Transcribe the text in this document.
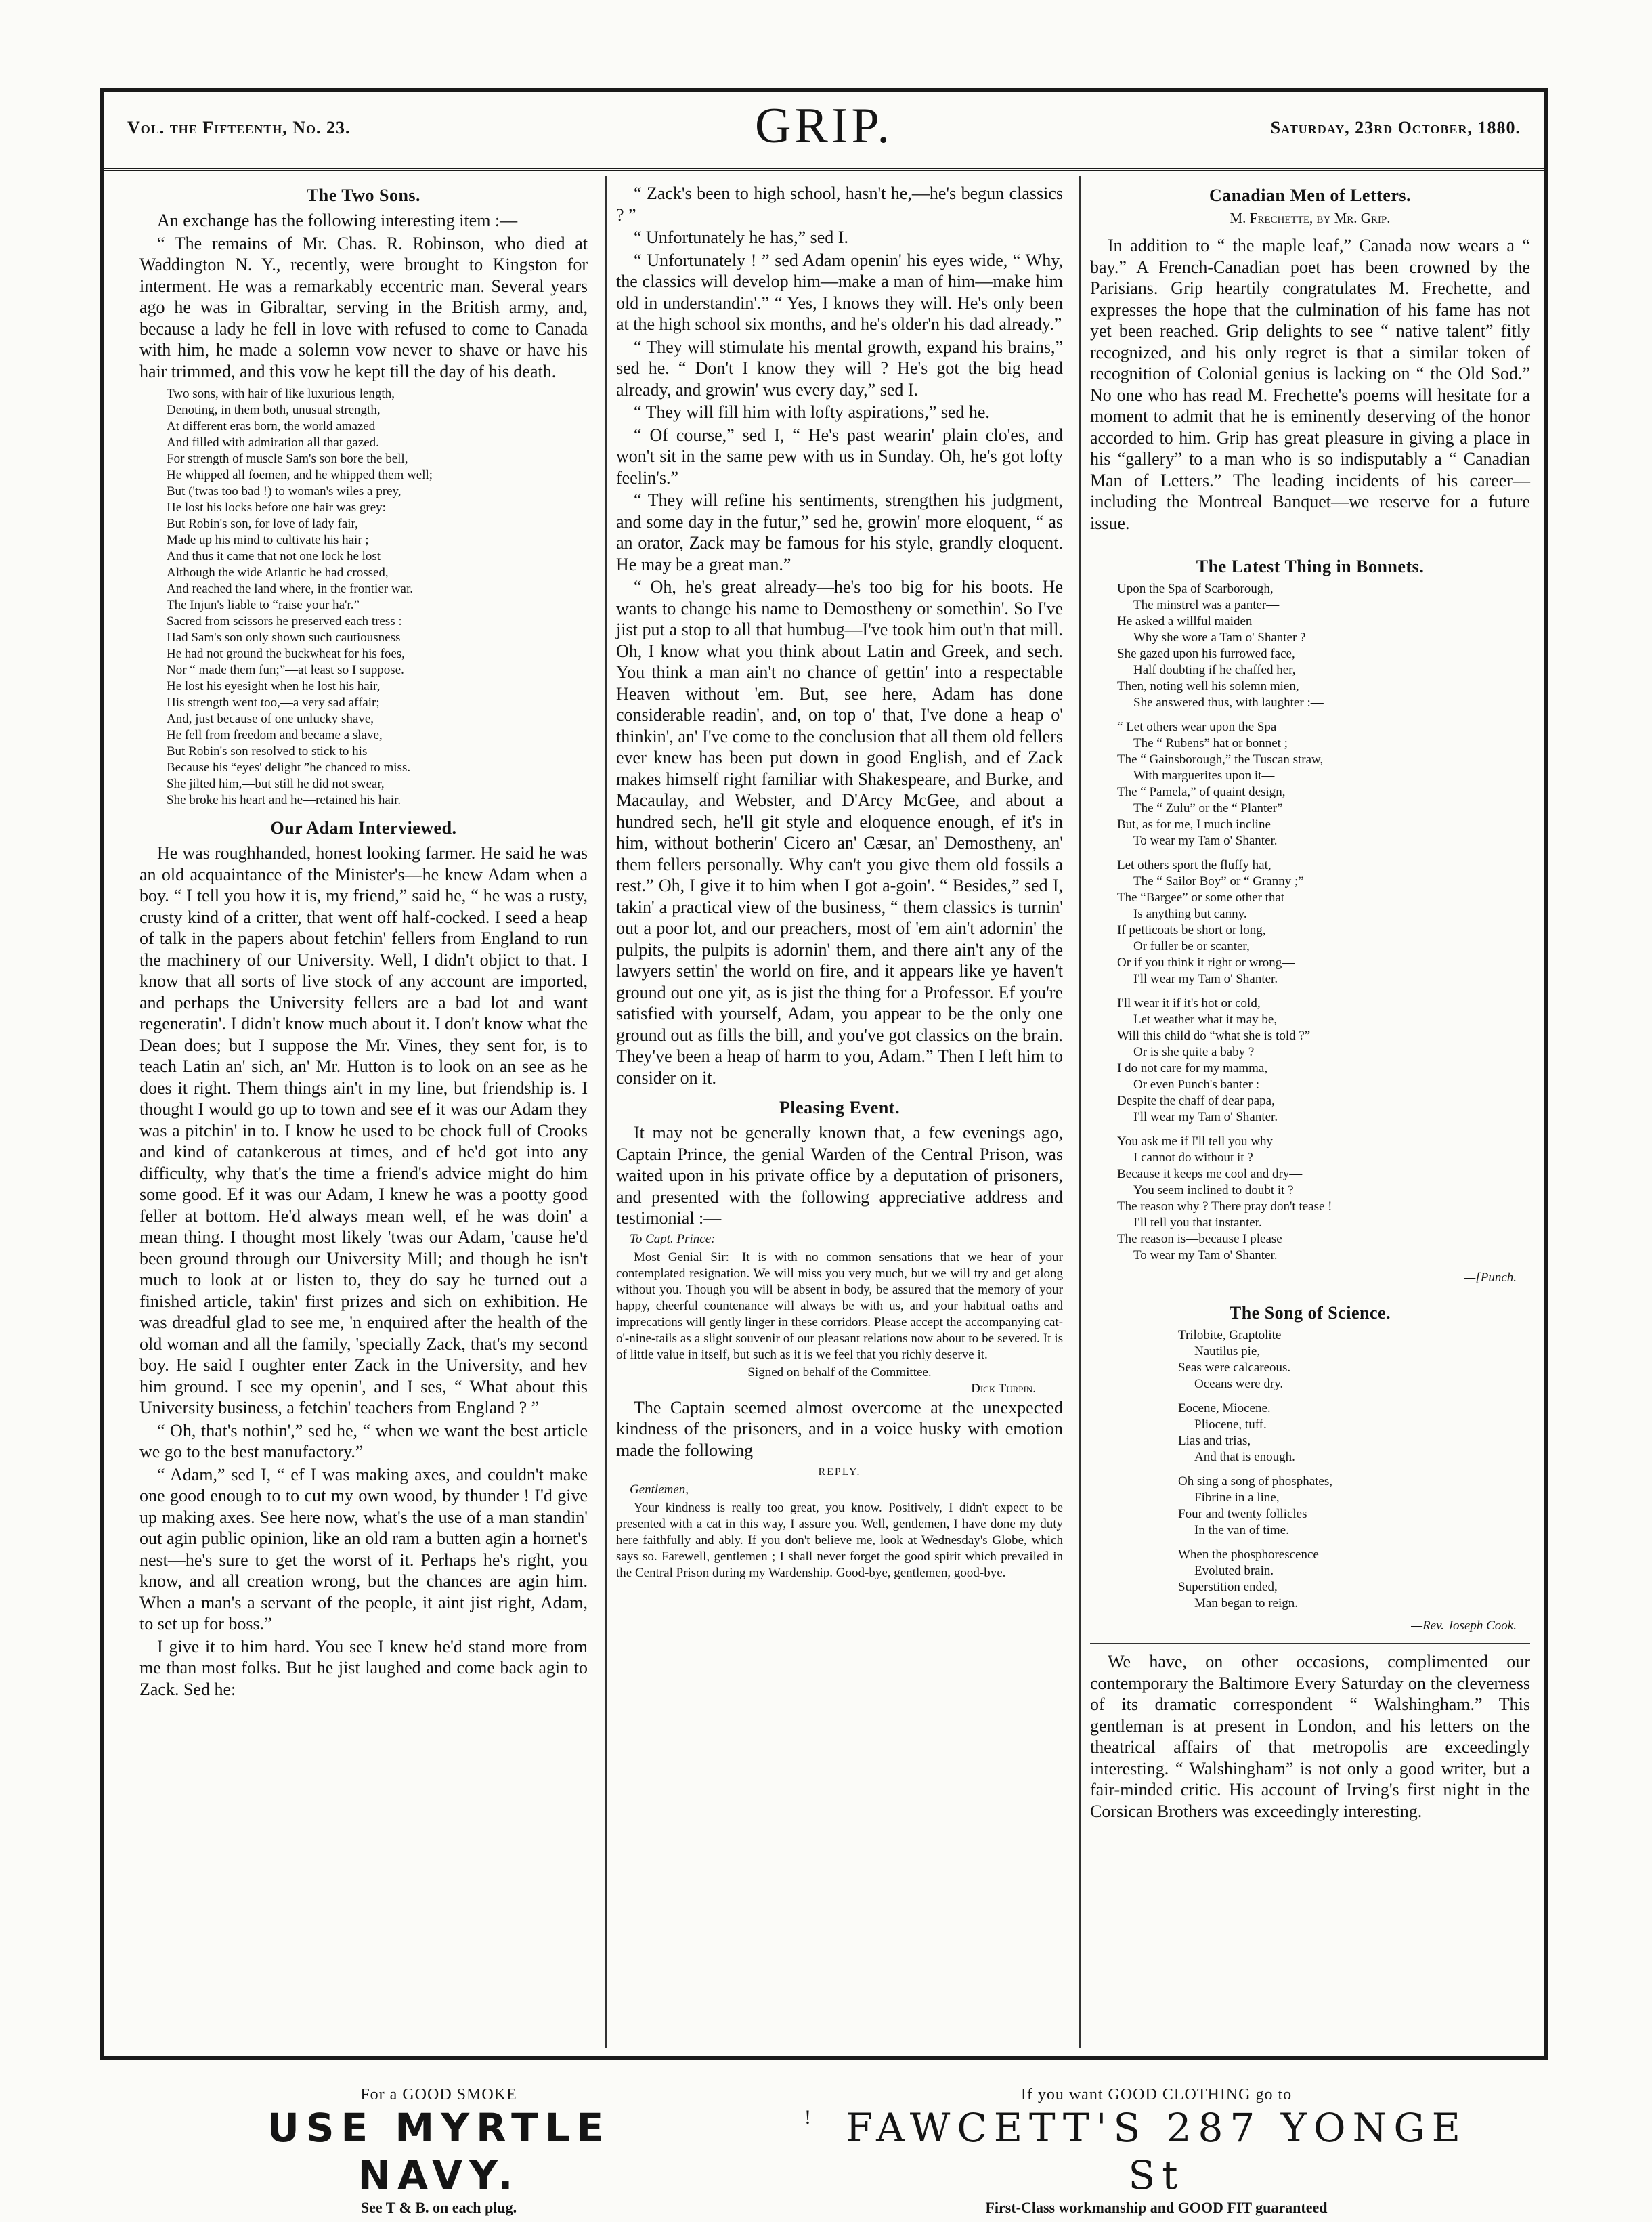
Vol. the Fifteenth, No. 23.	GRIP.	Saturday, 23rd October, 1880.
The Two Sons.

An exchange has the following interesting item :—

“ The remains of Mr. Chas. R. Robinson, who died at Waddington N. Y., recently, were brought to Kingston for interment. He was a remarkably eccentric man. Several years ago he was in Gibraltar, serving in the British army, and, because a lady he fell in love with refused to come to Canada with him, he made a solemn vow never to shave or have his hair trimmed, and this vow he kept till the day of his death.

Two sons, with hair of like luxurious length,
Denoting, in them both, unusual strength,
At different eras born, the world amazed
And filled with admiration all that gazed.
For strength of muscle Sam's son bore the bell,
He whipped all foemen, and he whipped them well;
But ('twas too bad !) to woman's wiles a prey,
He lost his locks before one hair was grey:
But Robin's son, for love of lady fair,
Made up his mind to cultivate his hair ;
And thus it came that not one lock he lost
Although the wide Atlantic he had crossed,
And reached the land where, in the frontier war.
The Injun's liable to “raise your ha'r.”
Sacred from scissors he preserved each tress :
Had Sam's son only shown such cautiousness
He had not ground the buckwheat for his foes,
Nor “ made them fun;”—at least so I suppose.
He lost his eyesight when he lost his hair,
His strength went too,—a very sad affair;
And, just because of one unlucky shave,
He fell from freedom and became a slave,
But Robin's son resolved to stick to his
Because his “eyes' delight ”he chanced to miss.
She jilted him,—but still he did not swear,
She broke his heart and he—retained his hair.
Our Adam Interviewed.

He was roughhanded, honest looking farmer. He said he was an old acquaintance of the Minister's—he knew Adam when a boy. “ I tell you how it is, my friend,” said he, “ he was a rusty, crusty kind of a critter, that went off half-cocked. I seed a heap of talk in the papers about fetchin' fellers from England to run the machinery of our University. Well, I didn't objict to that. I know that all sorts of live stock of any account are imported, and perhaps the University fellers are a bad lot and want regeneratin'. I didn't know much about it. I don't know what the Dean does; but I suppose the Mr. Vines, they sent for, is to teach Latin an' sich, an' Mr. Hutton is to look on an see as he does it right. Them things ain't in my line, but friendship is. I thought I would go up to town and see ef it was our Adam they was a pitchin' in to. I know he used to be chock full of Crooks and kind of catankerous at times, and ef he'd got into any difficulty, why that's the time a friend's advice might do him some good. Ef it was our Adam, I knew he was a pootty good feller at bottom. He'd always mean well, ef he was doin' a mean thing. I thought most likely 'twas our Adam, 'cause he'd been ground through our University Mill; and though he isn't much to look at or listen to, they do say he turned out a finished article, takin' first prizes and sich on exhibition. He was dreadful glad to see me, 'n enquired after the health of the old woman and all the family, 'specially Zack, that's my second boy. He said I oughter enter Zack in the University, and hev him ground. I see my openin', and I ses, “ What about this University business, a fetchin' teachers from England ? ”

“ Oh, that's nothin',” sed he, “ when we want the best article we go to the best manufactory.”

“ Adam,” sed I, “ ef I was making axes, and couldn't make one good enough to to cut my own wood, by thunder ! I'd give up making axes. See here now, what's the use of a man standin' out agin public opinion, like an old ram a butten agin a hornet's nest—he's sure to get the worst of it. Perhaps he's right, you know, and all creation wrong, but the chances are agin him. When a man's a servant of the people, it aint jist right, Adam, to set up for boss.”

I give it to him hard. You see I knew he'd stand more from me than most folks. But he jist laughed and come back agin to Zack. Sed he:

“ Zack's been to high school, hasn't he,—he's begun classics ? ”

“ Unfortunately he has,” sed I.

“ Unfortunately ! ” sed Adam openin' his eyes wide, “ Why, the classics will develop him—make a man of him—make him old in understandin'.” “ Yes, I knows they will. He's only been at the high school six months, and he's older'n his dad already.”

“ They will stimulate his mental growth, expand his brains,” sed he. “ Don't I know they will ? He's got the big head already, and growin' wus every day,” sed I.

“ They will fill him with lofty aspirations,” sed he.

“ Of course,” sed I, “ He's past wearin' plain clo'es, and won't sit in the same pew with us in Sunday. Oh, he's got lofty feelin's.”

“ They will refine his sentiments, strengthen his judgment, and some day in the futur,” sed he, growin' more eloquent, “ as an orator, Zack may be famous for his style, grandly eloquent. He may be a great man.”

“ Oh, he's great already—he's too big for his boots. He wants to change his name to Demostheny or somethin'. So I've jist put a stop to all that humbug—I've took him out'n that mill. Oh, I know what you think about Latin and Greek, and sech. You think a man ain't no chance of gettin' into a respectable Heaven without 'em. But, see here, Adam has done considerable readin', and, on top o' that, I've done a heap o' thinkin', an' I've come to the conclusion that all them old fellers ever knew has been put down in good English, and ef Zack makes himself right familiar with Shakespeare, and Burke, and Macaulay, and Webster, and D'Arcy McGee, and about a hundred sech, he'll git style and eloquence enough, ef it's in him, without botherin' Cicero an' Cæsar, an' Demostheny, an' them fellers personally. Why can't you give them old fossils a rest.” Oh, I give it to him when I got a-goin'. “ Besides,” sed I, takin' a practical view of the business, “ them classics is turnin' out a poor lot, and our preachers, most of 'em ain't adornin' the pulpits, the pulpits is adornin' them, and there ain't any of the lawyers settin' the world on fire, and it appears like ye haven't ground out one yit, as is jist the thing for a Professor. Ef you're satisfied with yourself, Adam, you appear to be the only one ground out as fills the bill, and you've got classics on the brain. They've been a heap of harm to you, Adam.” Then I left him to consider on it.

Pleasing Event.

It may not be generally known that, a few evenings ago, Captain Prince, the genial Warden of the Central Prison, was waited upon in his private office by a deputation of prisoners, and presented with the following appreciative address and testimonial :—

To Capt. Prince:

Most Genial Sir:—It is with no common sensations that we hear of your contemplated resignation. We will miss you very much, but we will try and get along without you. Though you will be absent in body, be assured that the memory of your happy, cheerful countenance will always be with us, and your habitual oaths and imprecations will gently linger in these corridors. Please accept the accompanying cat-o'-nine-tails as a slight souvenir of our pleasant relations now about to be severed. It is of little value in itself, but such as it is we feel that you richly deserve it.

Signed on behalf of the Committee.
Dick Turpin.

The Captain seemed almost overcome at the unexpected kindness of the prisoners, and in a voice husky with emotion made the following

REPLY.
Gentlemen,

Your kindness is really too great, you know. Positively, I didn't expect to be presented with a cat in this way, I assure you. Well, gentlemen, I have done my duty here faithfully and ably. If you don't believe me, look at Wednesday's Globe, which says so. Farewell, gentlemen ; I shall never forget the good spirit which prevailed in the Central Prison during my Wardenship. Good-bye, gentlemen, good-bye.

Canadian Men of Letters.
M. Frechette, by Mr. Grip.

In addition to “ the maple leaf,” Canada now wears a “ bay.” A French-Canadian poet has been crowned by the Parisians. Grip heartily congratulates M. Frechette, and expresses the hope that the culmination of his fame has not yet been reached. Grip delights to see “ native talent” fitly recognized, and his only regret is that a similar token of recognition of Colonial genius is lacking on “ the Old Sod.” No one who has read M. Frechette's poems will hesitate for a moment to admit that he is eminently deserving of the honor accorded to him. Grip has great pleasure in giving a place in his “gallery” to a man who is so indisputably a “ Canadian Man of Letters.” The leading incidents of his career—including the Montreal Banquet—we reserve for a future issue.

The Latest Thing in Bonnets.
Upon the Spa of Scarborough,
The minstrel was a panter—
He asked a willful maiden
Why she wore a Tam o' Shanter ?
She gazed upon his furrowed face,
Half doubting if he chaffed her,
Then, noting well his solemn mien,
She answered thus, with laughter :—
“ Let others wear upon the Spa
The “ Rubens” hat or bonnet ;
The “ Gainsborough,” the Tuscan straw,
With marguerites upon it—
The “ Pamela,” of quaint design,
The “ Zulu” or the “ Planter”—
But, as for me, I much incline
To wear my Tam o' Shanter.
Let others sport the fluffy hat,
The “ Sailor Boy” or “ Granny ;”
The “Bargee” or some other that
Is anything but canny.
If petticoats be short or long,
Or fuller be or scanter,
Or if you think it right or wrong—
I'll wear my Tam o' Shanter.
I'll wear it if it's hot or cold,
Let weather what it may be,
Will this child do “what she is told ?”
Or is she quite a baby ?
I do not care for my mamma,
Or even Punch's banter :
Despite the chaff of dear papa,
I'll wear my Tam o' Shanter.
You ask me if I'll tell you why
I cannot do without it ?
Because it keeps me cool and dry—
You seem inclined to doubt it ?
The reason why ? There pray don't tease !
I'll tell you that instanter.
The reason is—because I please
To wear my Tam o' Shanter.
—[Punch.
The Song of Science.
Trilobite, Graptolite
Nautilus pie,
Seas were calcareous.
Oceans were dry.
Eocene, Miocene.
Pliocene, tuff.
Lias and trias,
And that is enough.
Oh sing a song of phosphates,
Fibrine in a line,
Four and twenty follicles
In the van of time.
When the phosphorescence
Evoluted brain.
Superstition ended,
Man began to reign.
—Rev. Joseph Cook.

We have, on other occasions, complimented our contemporary the Baltimore Every Saturday on the cleverness of its dramatic correspondent “ Walshingham.” This gentleman is at present in London, and his letters on the theatrical affairs of that metropolis are exceedingly interesting. “ Walshingham” is not only a good writer, but a fair-minded critic. His account of Irving's first night in the Corsican Brothers was exceedingly interesting.

For a GOOD SMOKE
USE MYRTLE NAVY.
See T & B. on each plug.
!
If you want GOOD CLOTHING go to
FAWCETT'S 287 YONGE St
First-Class workmanship and GOOD FIT guaranteed
